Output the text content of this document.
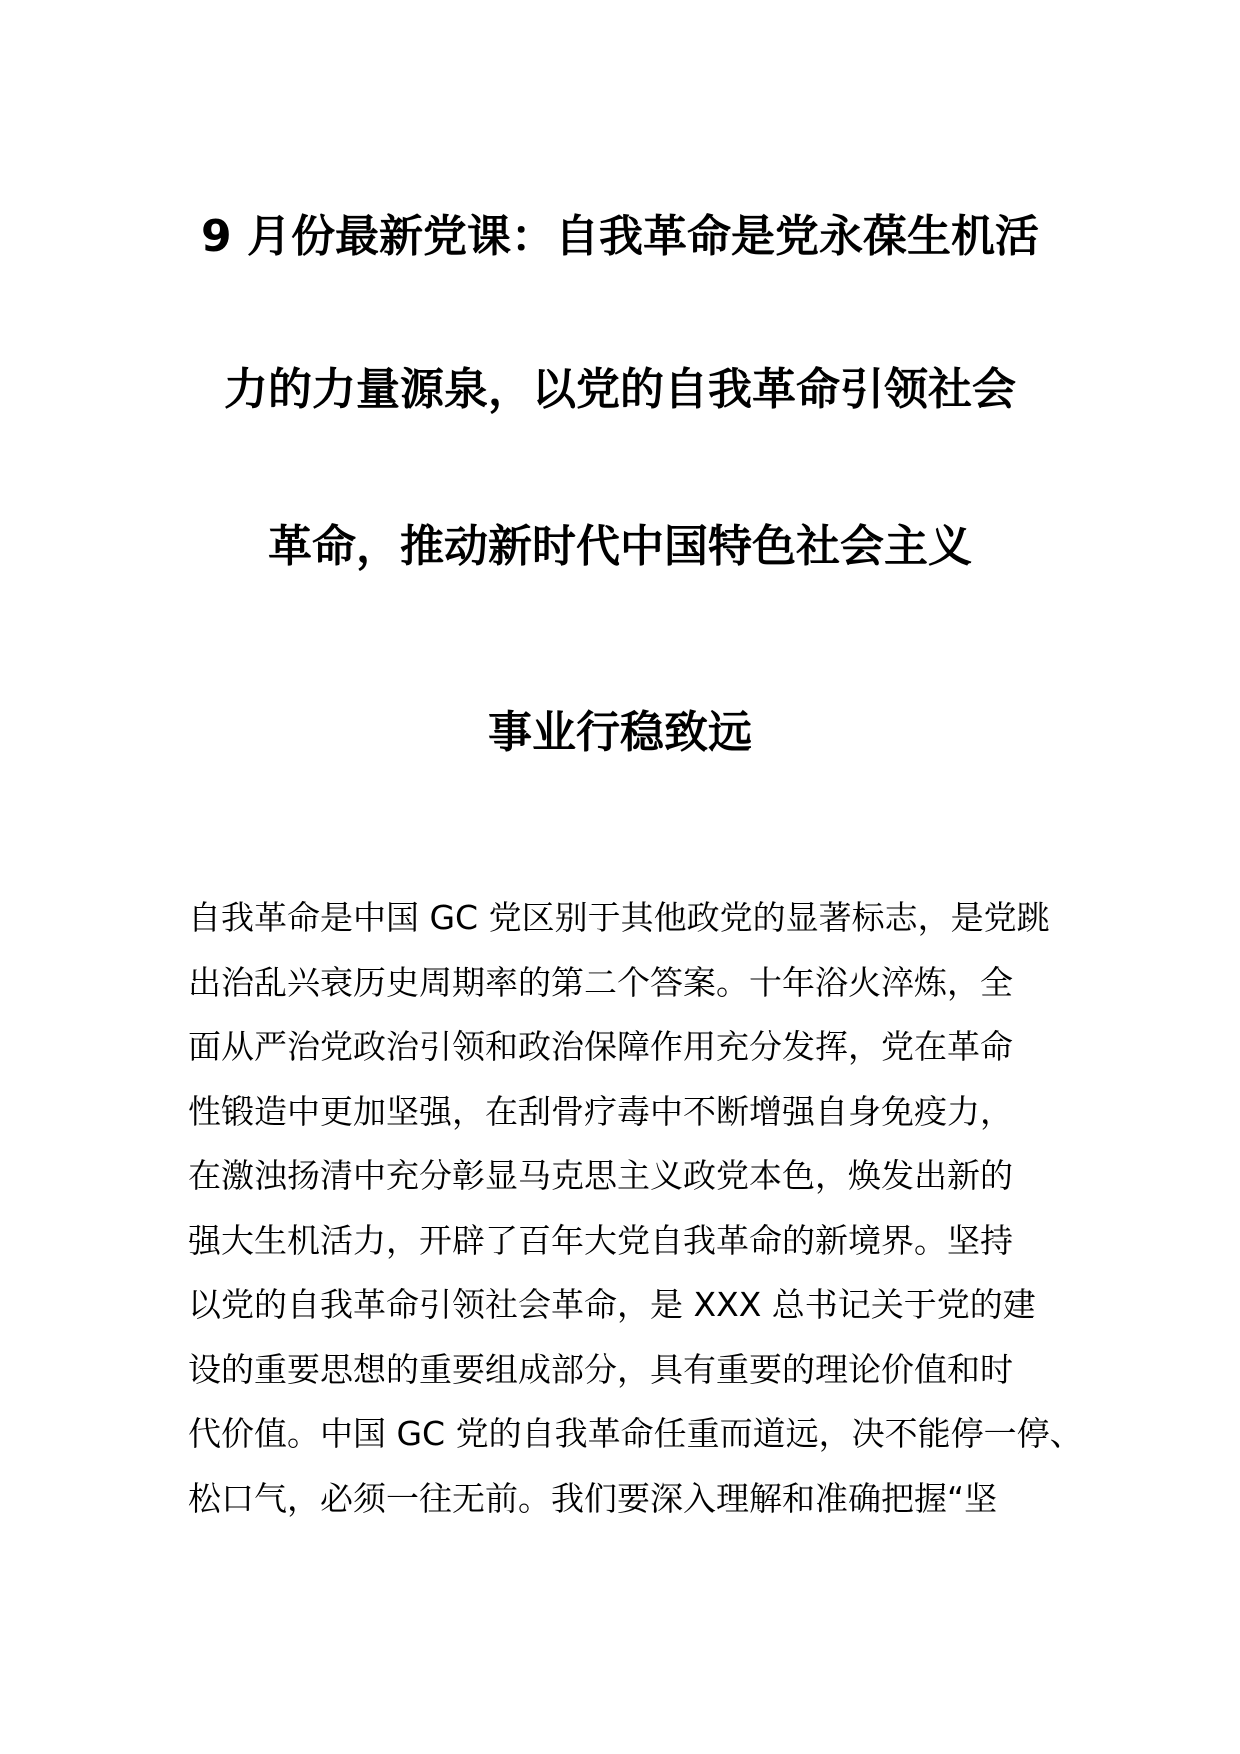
9 月份最新党课：自我革命是党永葆生机活
力的力量源泉，以党的自我革命引领社会
革命，推动新时代中国特色社会主义
事业行稳致远
自我革命是中国 GC 党区别于其他政党的显著标志，是党跳
出治乱兴衰历史周期率的第二个答案。十年浴火淬炼，全
面从严治党政治引领和政治保障作用充分发挥，党在革命
性锻造中更加坚强，在刮骨疗毒中不断增强自身免疫力，
在激浊扬清中充分彰显马克思主义政党本色，焕发出新的
强大生机活力，开辟了百年大党自我革命的新境界。坚持
以党的自我革命引领社会革命，是 XXX 总书记关于党的建
设的重要思想的重要组成部分，具有重要的理论价值和时
代价值。中国 GC 党的自我革命任重而道远，决不能停一停、
松口气，必须一往无前。我们要深入理解和准确把握“坚
